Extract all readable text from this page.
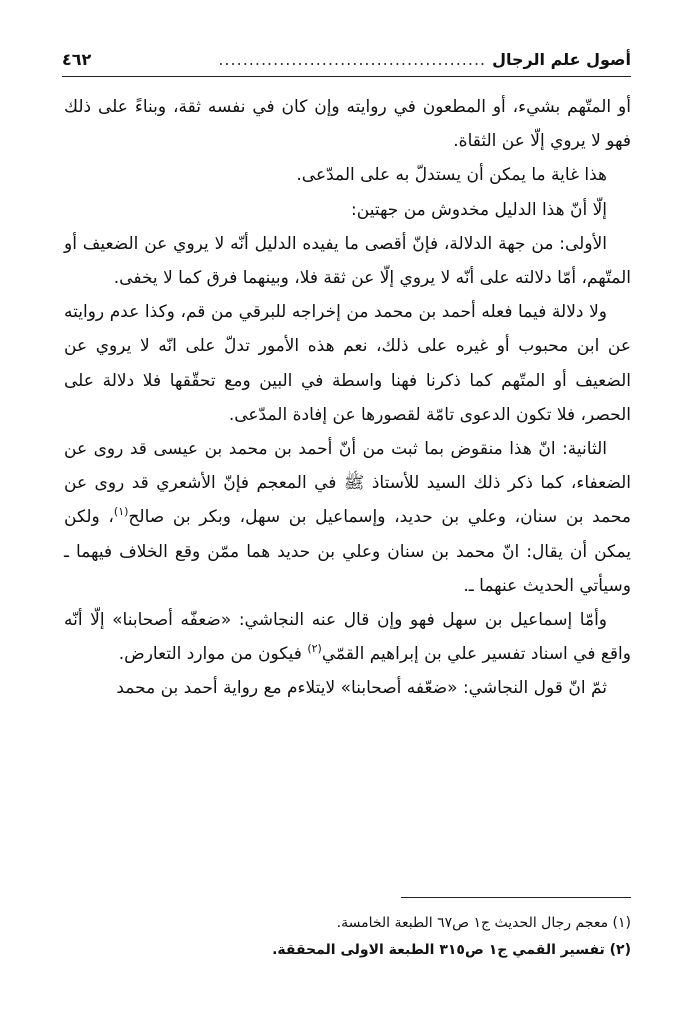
أصول علم الرجال
............................................
٤٦٢

أو المتّهم بشيء، أو المطعون في روايته وإن كان في نفسه ثقة، وبناءً على ذلك فهو لا يروي إلّا عن الثقاة.

هذا غاية ما يمكن أن يستدلّ به على المدّعى.

إلّا أنّ هذا الدليل مخدوش من جهتين:

الأولى: من جهة الدلالة، فإنّ أقصى ما يفيده الدليل أنّه لا يروي عن الضعيف أو المتّهم، أمّا دلالته على أنّه لا يروي إلّا عن ثقة فلا، وبينهما فرق كما لا يخفى.

ولا دلالة فيما فعله أحمد بن محمد من إخراجه للبرقي من قم، وكذا عدم روايته عن ابن محبوب أو غيره على ذلك، نعم هذه الأمور تدلّ على انّه لا يروي عن الضعيف أو المتّهم كما ذكرنا فهنا واسطة في البين ومع تحقّقها فلا دلالة على الحصر، فلا تكون الدعوى تامّة لقصورها عن إفادة المدّعى.

الثانية: انّ هذا منقوض بما ثبت من أنّ أحمد بن محمد بن عيسى قد روى عن الضعفاء، كما ذكر ذلك السيد للأستاذ ﷺ في المعجم فإنّ الأشعري قد روى عن محمد بن سنان، وعلي بن حديد، وإسماعيل بن سهل، وبكر بن صالح$^{(١)}$، ولكن يمكن أن يقال: انّ محمد بن سنان وعلي بن حديد هما ممّن وقع الخلاف فيهما ـ وسيأتي الحديث عنهما ـ.

وأمّا إسماعيل بن سهل فهو وإن قال عنه النجاشي: «ضعفّه أصحابنا» إلّا أنّه واقع في اسناد تفسير علي بن إبراهيم القمّي$^{(٢)}$ فيكون من موارد التعارض.

ثمّ انّ قول النجاشي: «ضعّفه أصحابنا» لايتلاءم مع رواية أحمد بن محمد

(١) معجم رجال الحديث ج١ ص٦٧ الطبعة الخامسة.

(٢) تفسير القمي ج١ ص٣١٥ الطبعة الاولى المحققة.
